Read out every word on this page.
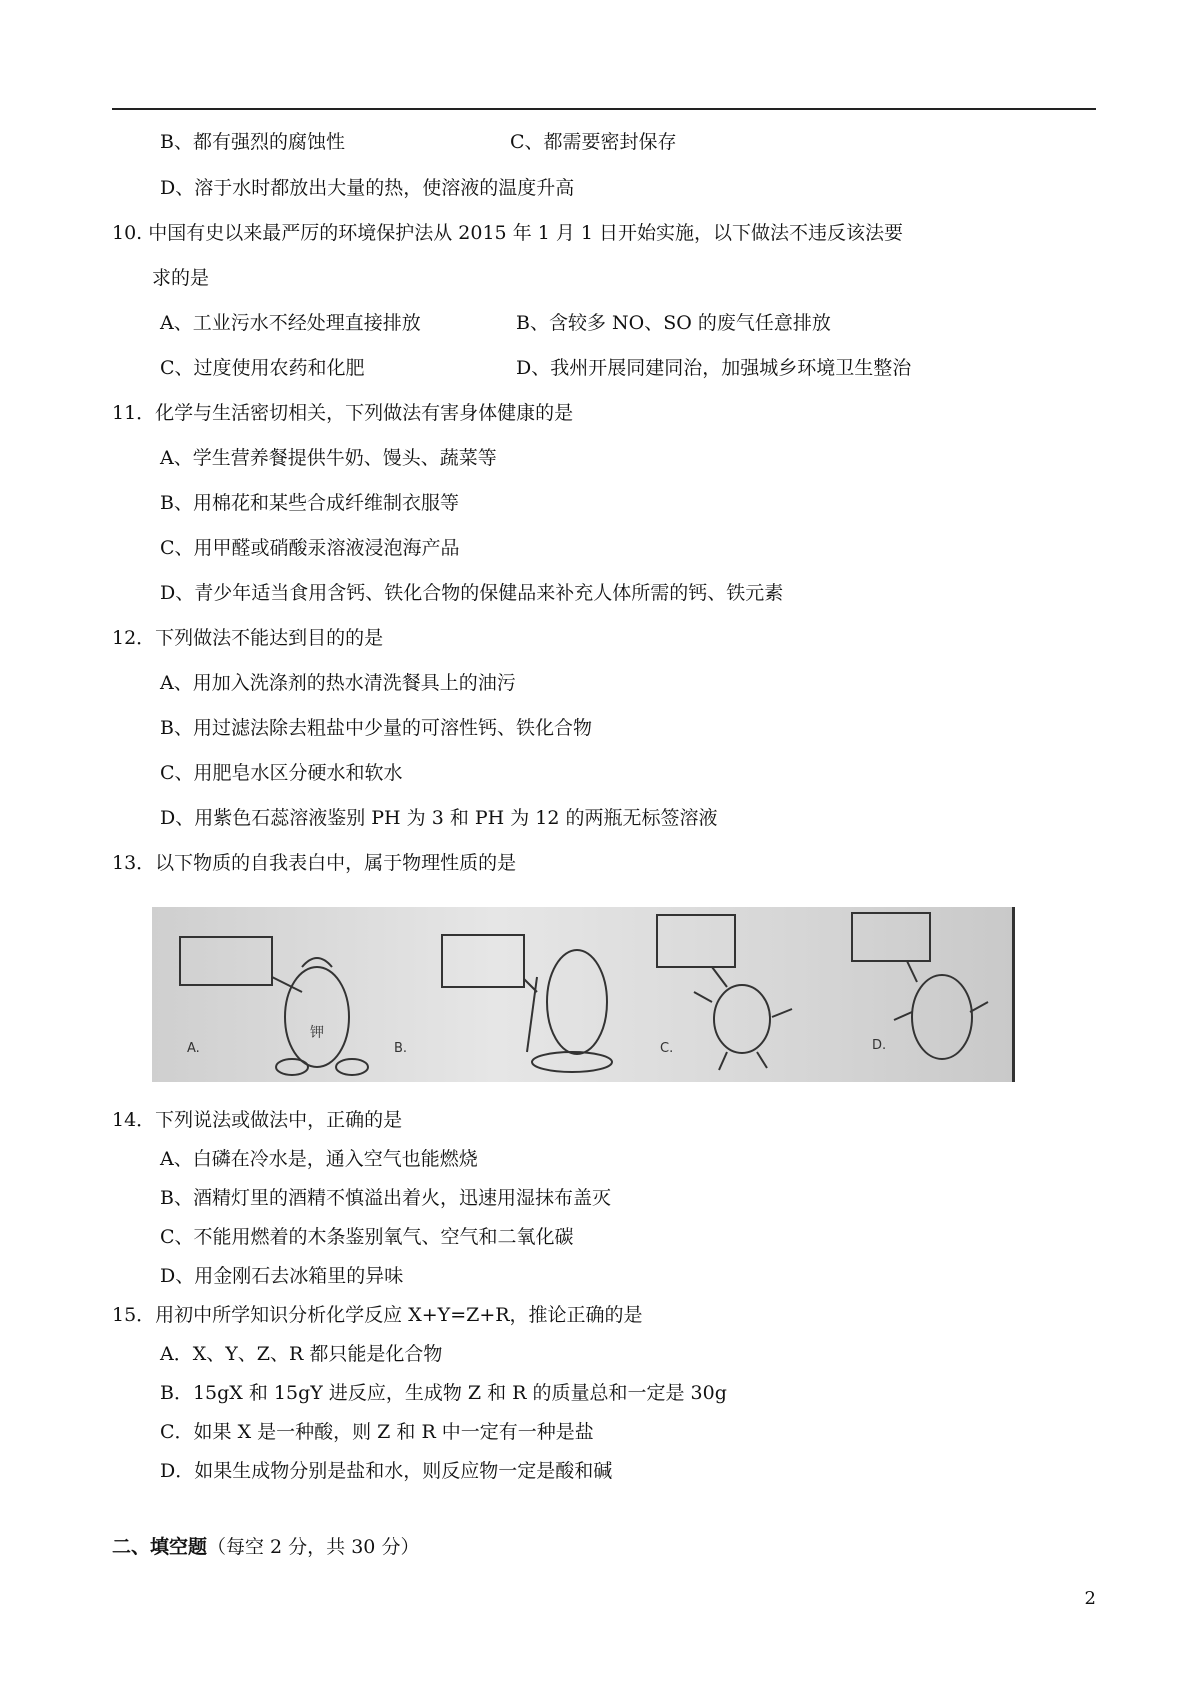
B、都有强烈的腐蚀性	C、都需要密封保存
D、溶于水时都放出大量的热，使溶液的温度升高
10. 中国有史以来最严厉的环境保护法从 2015 年 1 月 1 日开始实施，以下做法不违反该法要
求的是
A、工业污水不经处理直接排放	B、含较多 NO、SO 的废气任意排放
C、过度使用农药和化肥	D、我州开展同建同治，加强城乡环境卫生整治
11．化学与生活密切相关，下列做法有害身体健康的是
A、学生营养餐提供牛奶、馒头、蔬菜等
B、用棉花和某些合成纤维制衣服等
C、用甲醛或硝酸汞溶液浸泡海产品
D、青少年适当食用含钙、铁化合物的保健品来补充人体所需的钙、铁元素
12．下列做法不能达到目的的是
A、用加入洗涤剂的热水清洗餐具上的油污
B、用过滤法除去粗盐中少量的可溶性钙、铁化合物
C、用肥皂水区分硬水和软水
D、用紫色石蕊溶液鉴别 PH 为 3 和 PH 为 12 的两瓶无标签溶液
13．以下物质的自我表白中，属于物理性质的是
A.	B.	C.	D.
钾
14．下列说法或做法中，正确的是
A、白磷在冷水是，通入空气也能燃烧
B、酒精灯里的酒精不慎溢出着火，迅速用湿抹布盖灭
C、不能用燃着的木条鉴别氧气、空气和二氧化碳
D、用金刚石去冰箱里的异味
15．用初中所学知识分析化学反应 X+Y=Z+R，推论正确的是
A．X、Y、Z、R 都只能是化合物
B．15gX 和 15gY 进反应，生成物 Z 和 R 的质量总和一定是 30g
C．如果 X 是一种酸，则 Z 和 R 中一定有一种是盐
D．如果生成物分别是盐和水，则反应物一定是酸和碱
二、填空题（每空 2 分，共 30 分）
2
